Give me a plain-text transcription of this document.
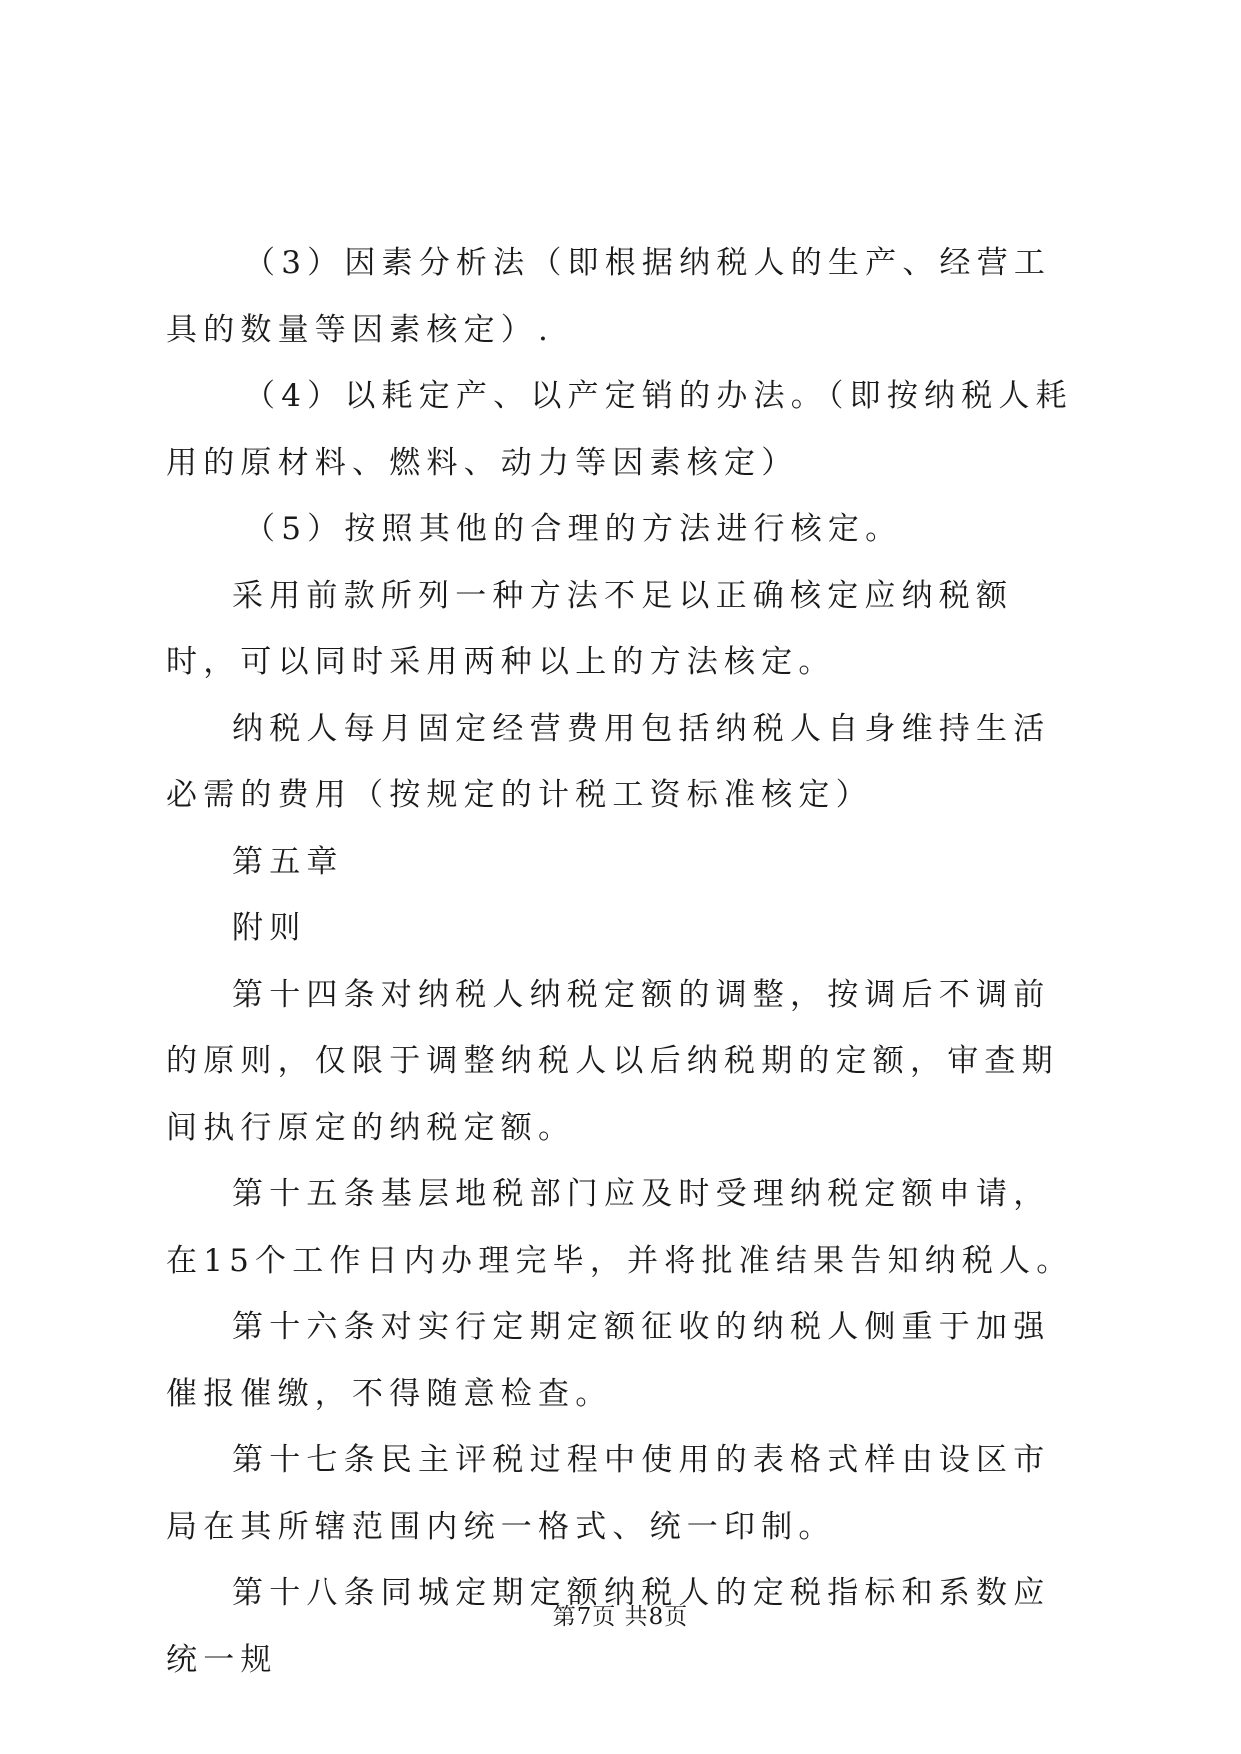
（3）因素分析法（即根据纳税人的生产、经营工具的数量等因素核定）.

（4）以耗定产、以产定销的办法。（即按纳税人耗用的原材料、燃料、动力等因素核定）

（5）按照其他的合理的方法进行核定。

采用前款所列一种方法不足以正确核定应纳税额时，可以同时采用两种以上的方法核定。

纳税人每月固定经营费用包括纳税人自身维持生活必需的费用（按规定的计税工资标准核定）

第五章

附则

第十四条对纳税人纳税定额的调整，按调后不调前的原则，仅限于调整纳税人以后纳税期的定额，审查期间执行原定的纳税定额。

第十五条基层地税部门应及时受理纳税定额申请，在15个工作日内办理完毕，并将批准结果告知纳税人。

第十六条对实行定期定额征收的纳税人侧重于加强催报催缴，不得随意检查。

第十七条民主评税过程中使用的表格式样由设区市局在其所辖范围内统一格式、统一印制。

第十八条同城定期定额纳税人的定税指标和系数应统一规

第7页 共8页
